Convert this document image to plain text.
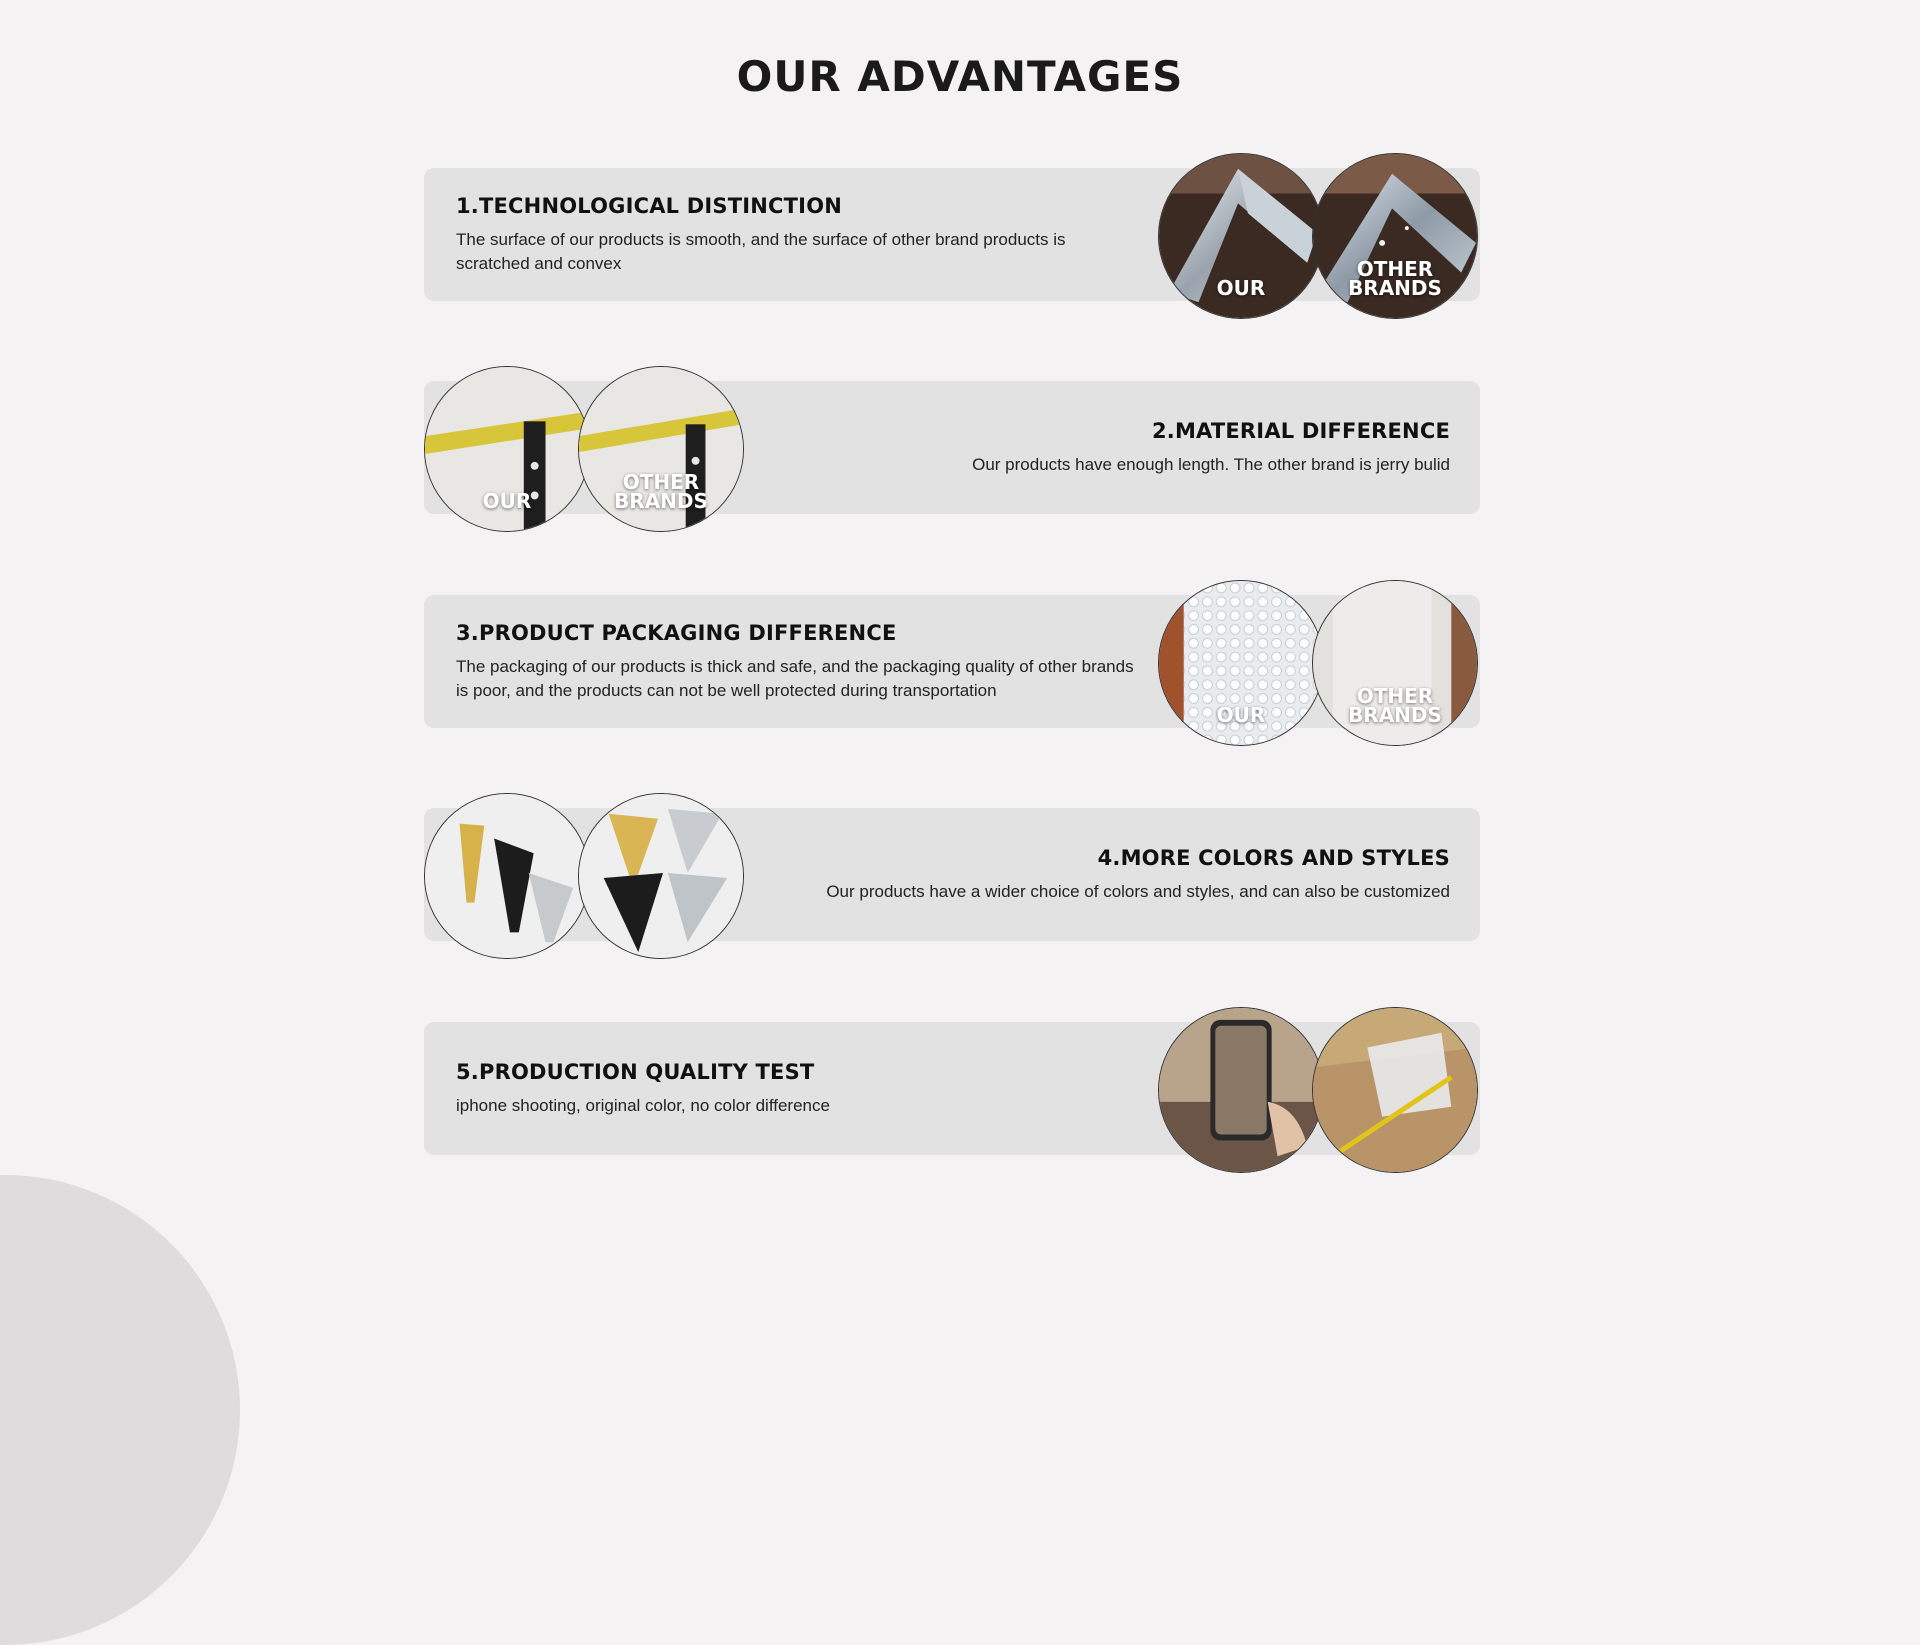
OUR ADVANTAGES
1.TECHNOLOGICAL DISTINCTION
The surface of our products is smooth, and the surface of other brand products is scratched and convex
OUR
OTHER BRANDS
2.MATERIAL DIFFERENCE
Our products have enough length. The other brand is jerry bulid
OUR
OTHER BRANDS
3.PRODUCT PACKAGING DIFFERENCE
The packaging of our products is thick and safe, and the packaging quality of other brands is poor, and the products can not be well protected during transportation
OUR
OTHER BRANDS
4.MORE COLORS AND STYLES
Our products have a wider choice of colors and styles, and can also be customized
5.PRODUCTION QUALITY TEST
iphone shooting, original color, no color difference
